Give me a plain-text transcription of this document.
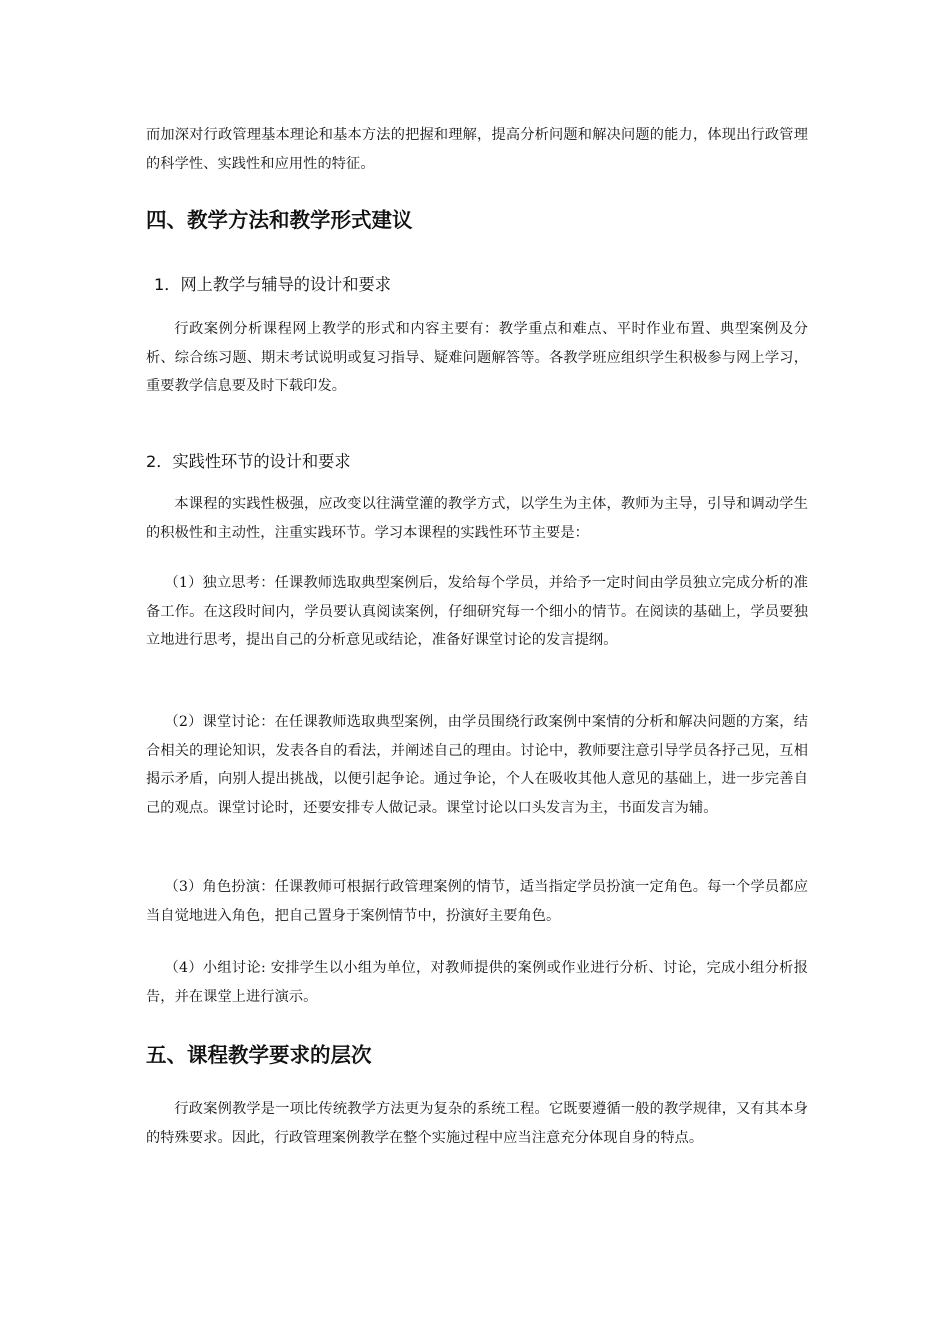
而加深对行政管理基本理论和基本方法的把握和理解，提高分析问题和解决问题的能力，体现出行政管理的科学性、实践性和应用性的特征。

四、教学方法和教学形式建议
1．网上教学与辅导的设计和要求

行政案例分析课程网上教学的形式和内容主要有：教学重点和难点、平时作业布置、典型案例及分析、综合练习题、期末考试说明或复习指导、疑难问题解答等。各教学班应组织学生积极参与网上学习，重要教学信息要及时下载印发。

2．实践性环节的设计和要求

本课程的实践性极强，应改变以往满堂灌的教学方式，以学生为主体，教师为主导，引导和调动学生的积极性和主动性，注重实践环节。学习本课程的实践性环节主要是：

（1）独立思考：任课教师选取典型案例后，发给每个学员，并给予一定时间由学员独立完成分析的准备工作。在这段时间内，学员要认真阅读案例，仔细研究每一个细小的情节。在阅读的基础上，学员要独立地进行思考，提出自己的分析意见或结论，准备好课堂讨论的发言提纲。

（2）课堂讨论：在任课教师选取典型案例，由学员围绕行政案例中案情的分析和解决问题的方案，结合相关的理论知识，发表各自的看法，并阐述自己的理由。讨论中，教师要注意引导学员各抒己见，互相揭示矛盾，向别人提出挑战，以便引起争论。通过争论，个人在吸收其他人意见的基础上，进一步完善自己的观点。课堂讨论时，还要安排专人做记录。课堂讨论以口头发言为主，书面发言为辅。

（3）角色扮演：任课教师可根据行政管理案例的情节，适当指定学员扮演一定角色。每一个学员都应当自觉地进入角色，把自己置身于案例情节中，扮演好主要角色。

（4）小组讨论: 安排学生以小组为单位，对教师提供的案例或作业进行分析、讨论，完成小组分析报告，并在课堂上进行演示。

五、课程教学要求的层次

行政案例教学是一项比传统教学方法更为复杂的系统工程。它既要遵循一般的教学规律，又有其本身的特殊要求。因此，行政管理案例教学在整个实施过程中应当注意充分体现自身的特点。
